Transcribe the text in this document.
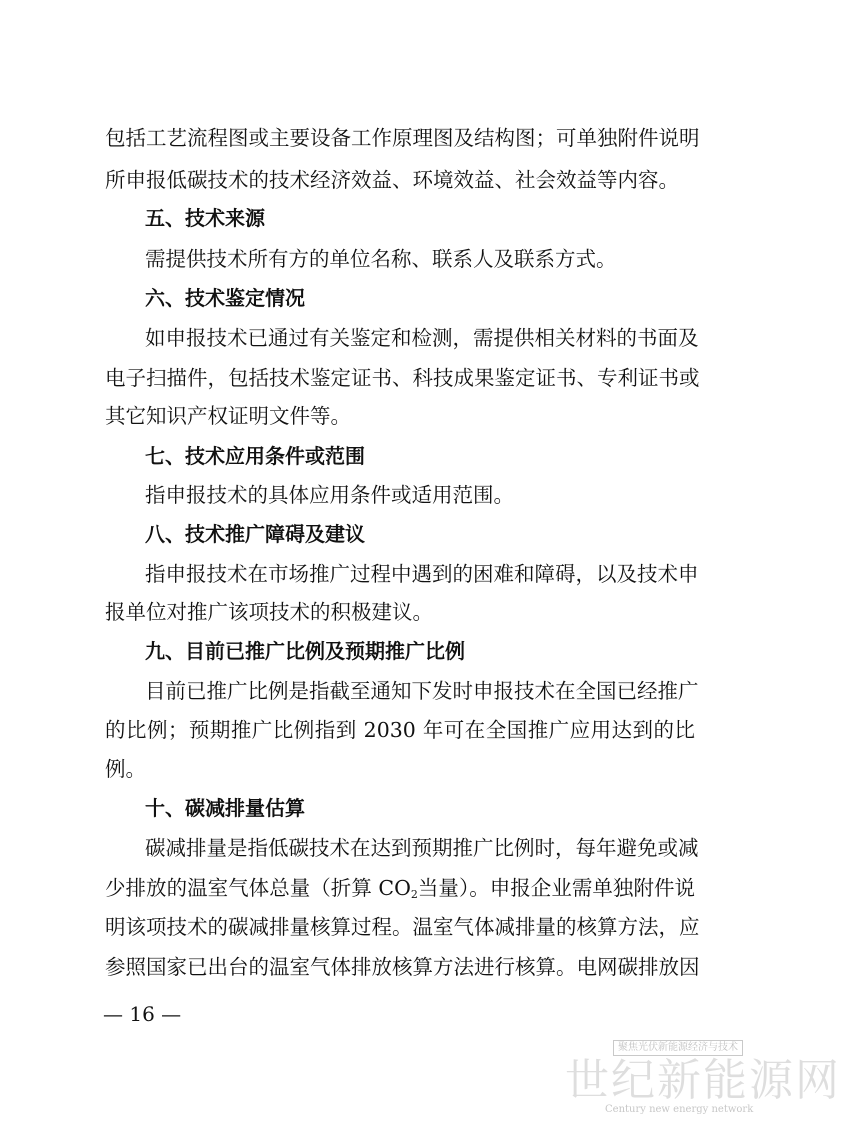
包括工艺流程图或主要设备工作原理图及结构图；可单独附件说明
所申报低碳技术的技术经济效益、环境效益、社会效益等内容。
五、技术来源
需提供技术所有方的单位名称、联系人及联系方式。
六、技术鉴定情况
如申报技术已通过有关鉴定和检测，需提供相关材料的书面及
电子扫描件，包括技术鉴定证书、科技成果鉴定证书、专利证书或
其它知识产权证明文件等。
七、技术应用条件或范围
指申报技术的具体应用条件或适用范围。
八、技术推广障碍及建议
指申报技术在市场推广过程中遇到的困难和障碍，以及技术申
报单位对推广该项技术的积极建议。
九、目前已推广比例及预期推广比例
目前已推广比例是指截至通知下发时申报技术在全国已经推广
的比例；预期推广比例指到 2030 年可在全国推广应用达到的比
例。
十、碳减排量估算
碳减排量是指低碳技术在达到预期推广比例时，每年避免或减
少排放的温室气体总量（折算 $CO_2$当量）。申报企业需单独附件说
明该项技术的碳减排量核算过程。温室气体减排量的核算方法，应
参照国家已出台的温室气体排放核算方法进行核算。电网碳排放因
— 16 —
聚焦光伏新能源经济与技术
世纪新能源网
Century new energy network
